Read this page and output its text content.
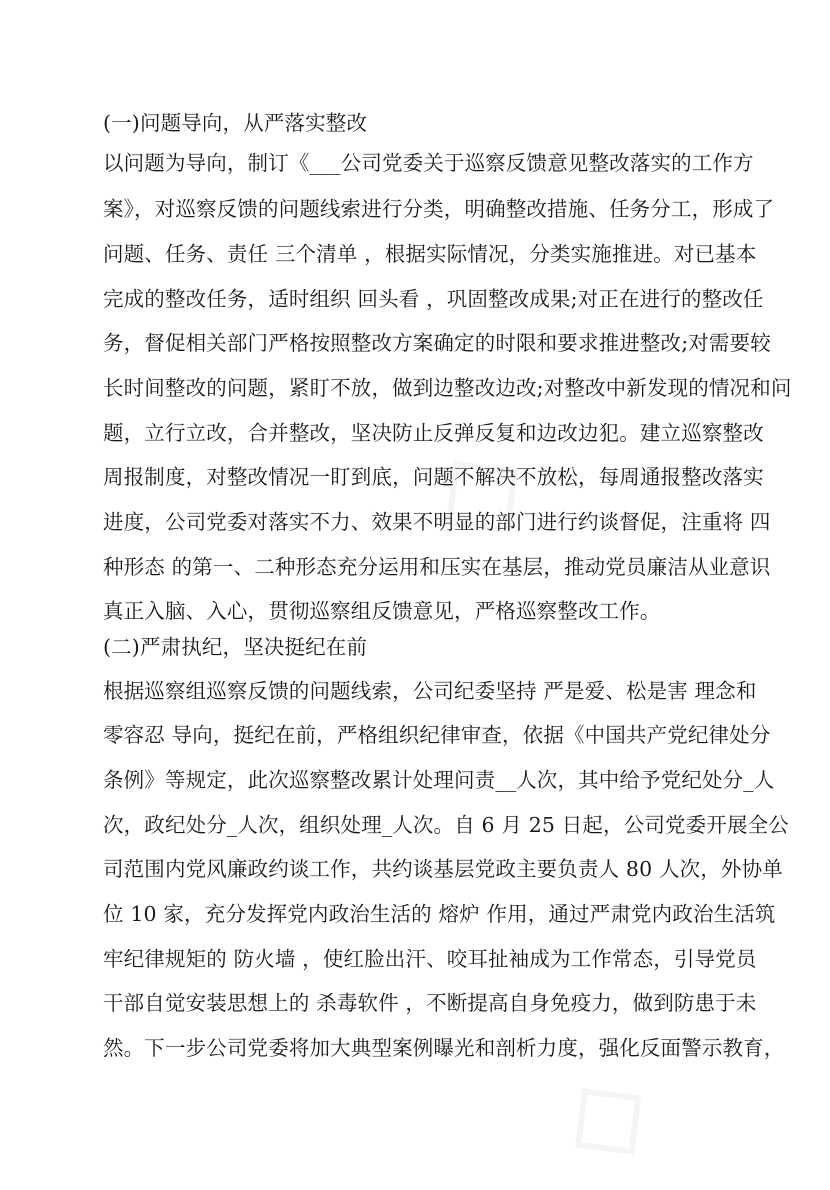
◇
◇
(一)问题导向，从严落实整改
以问题为导向，制订《___公司党委关于巡察反馈意见整改落实的工作方
案》，对巡察反馈的问题线索进行分类，明确整改措施、任务分工，形成了
问题、任务、责任 三个清单 ，根据实际情况，分类实施推进。对已基本
完成的整改任务，适时组织 回头看 ，巩固整改成果;对正在进行的整改任
务，督促相关部门严格按照整改方案确定的时限和要求推进整改;对需要较
长时间整改的问题，紧盯不放，做到边整改边改;对整改中新发现的情况和问
题，立行立改，合并整改，坚决防止反弹反复和边改边犯。建立巡察整改
周报制度，对整改情况一盯到底，问题不解决不放松，每周通报整改落实
进度，公司党委对落实不力、效果不明显的部门进行约谈督促，注重将 四
种形态 的第一、二种形态充分运用和压实在基层，推动党员廉洁从业意识
真正入脑、入心，贯彻巡察组反馈意见，严格巡察整改工作。
(二)严肃执纪，坚决挺纪在前
根据巡察组巡察反馈的问题线索，公司纪委坚持 严是爱、松是害 理念和
零容忍 导向，挺纪在前，严格组织纪律审查，依据《中国共产党纪律处分
条例》等规定，此次巡察整改累计处理问责__人次，其中给予党纪处分_人
次，政纪处分_人次，组织处理_人次。自 6 月 25 日起，公司党委开展全公
司范围内党风廉政约谈工作，共约谈基层党政主要负责人 80 人次，外协单
位 10 家，充分发挥党内政治生活的 熔炉 作用，通过严肃党内政治生活筑
牢纪律规矩的 防火墙 ，使红脸出汗、咬耳扯袖成为工作常态，引导党员
干部自觉安装思想上的 杀毒软件 ，不断提高自身免疫力，做到防患于未
然。下一步公司党委将加大典型案例曝光和剖析力度，强化反面警示教育，
